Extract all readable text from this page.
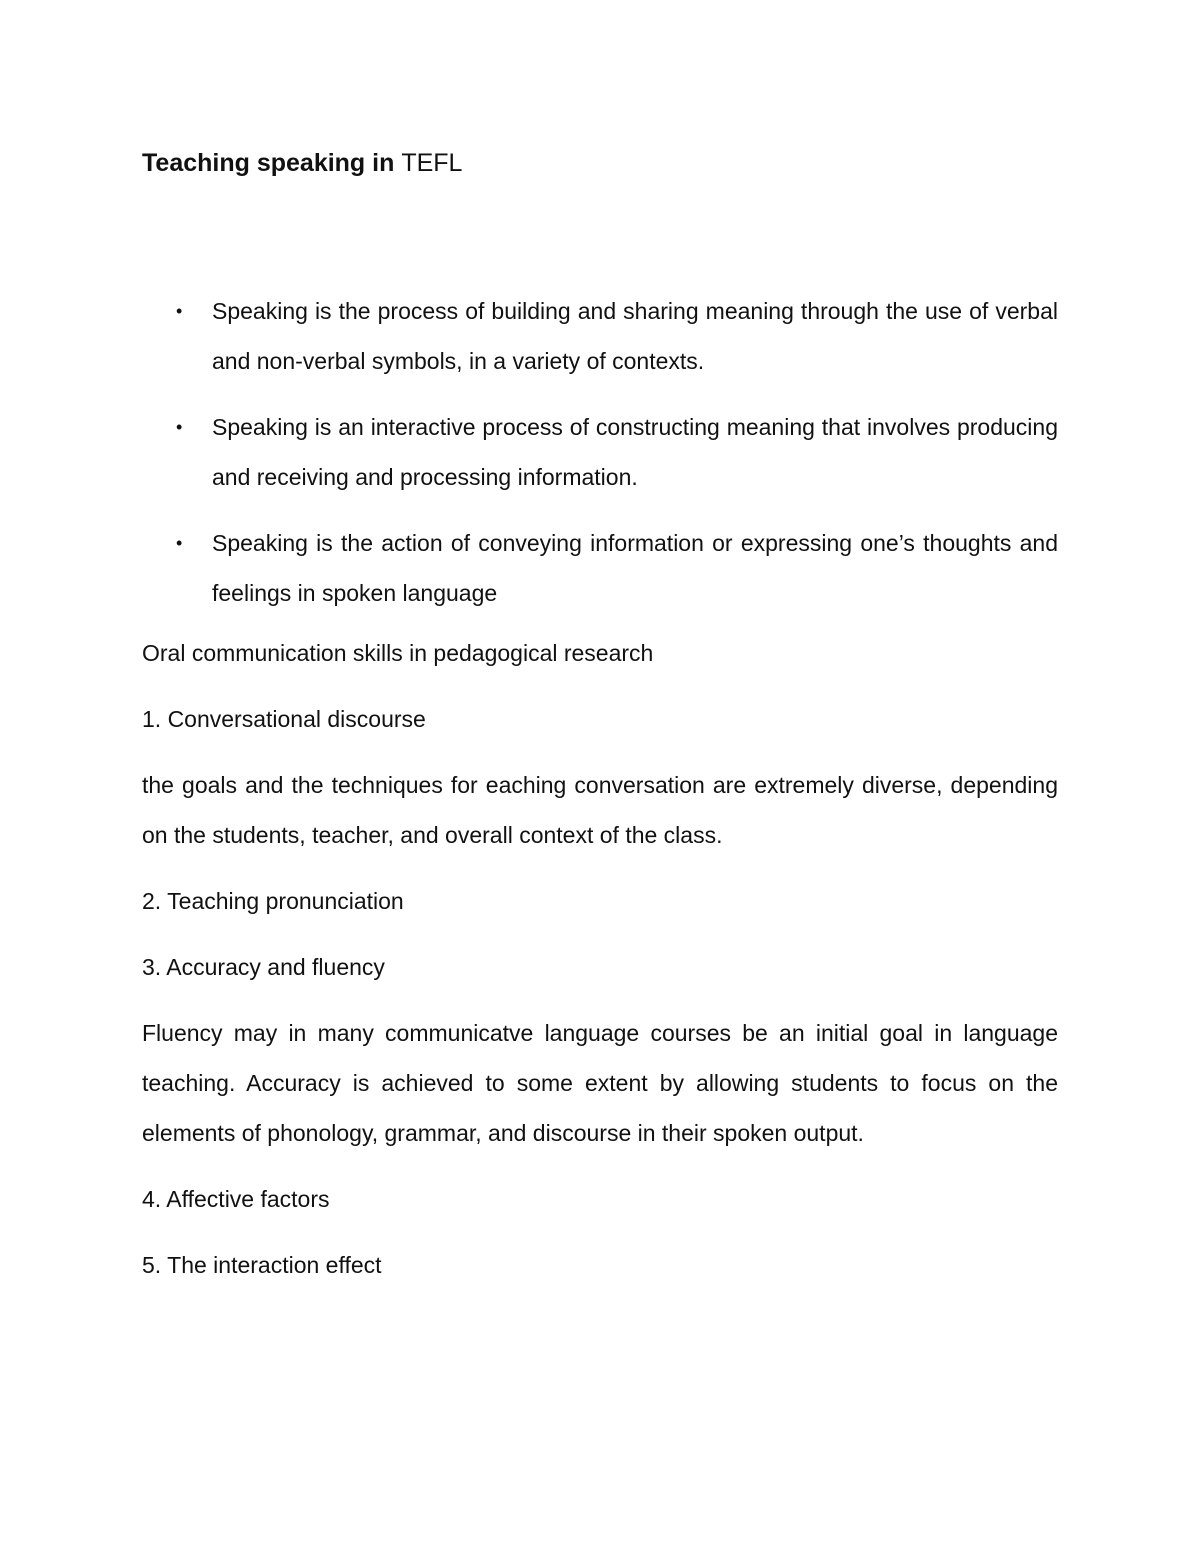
Teaching speaking in TEFL
• Speaking is the process of building and sharing meaning through the use of verbal and non-verbal symbols, in a variety of contexts.
• Speaking is an interactive process of constructing meaning that involves producing and receiving and processing information.
• Speaking is the action of conveying information or expressing one’s thoughts and feelings in spoken language

Oral communication skills in pedagogical research

1. Conversational discourse

the goals and the techniques for eaching conversation are extremely diverse, depending on the students, teacher, and overall context of the class.

2. Teaching pronunciation

3. Accuracy and fluency

Fluency may in many communicatve language courses be an initial goal in language teaching. Accuracy is achieved to some extent by allowing students to focus on the elements of phonology, grammar, and discourse in their spoken output.

4. Affective factors

5. The interaction effect
